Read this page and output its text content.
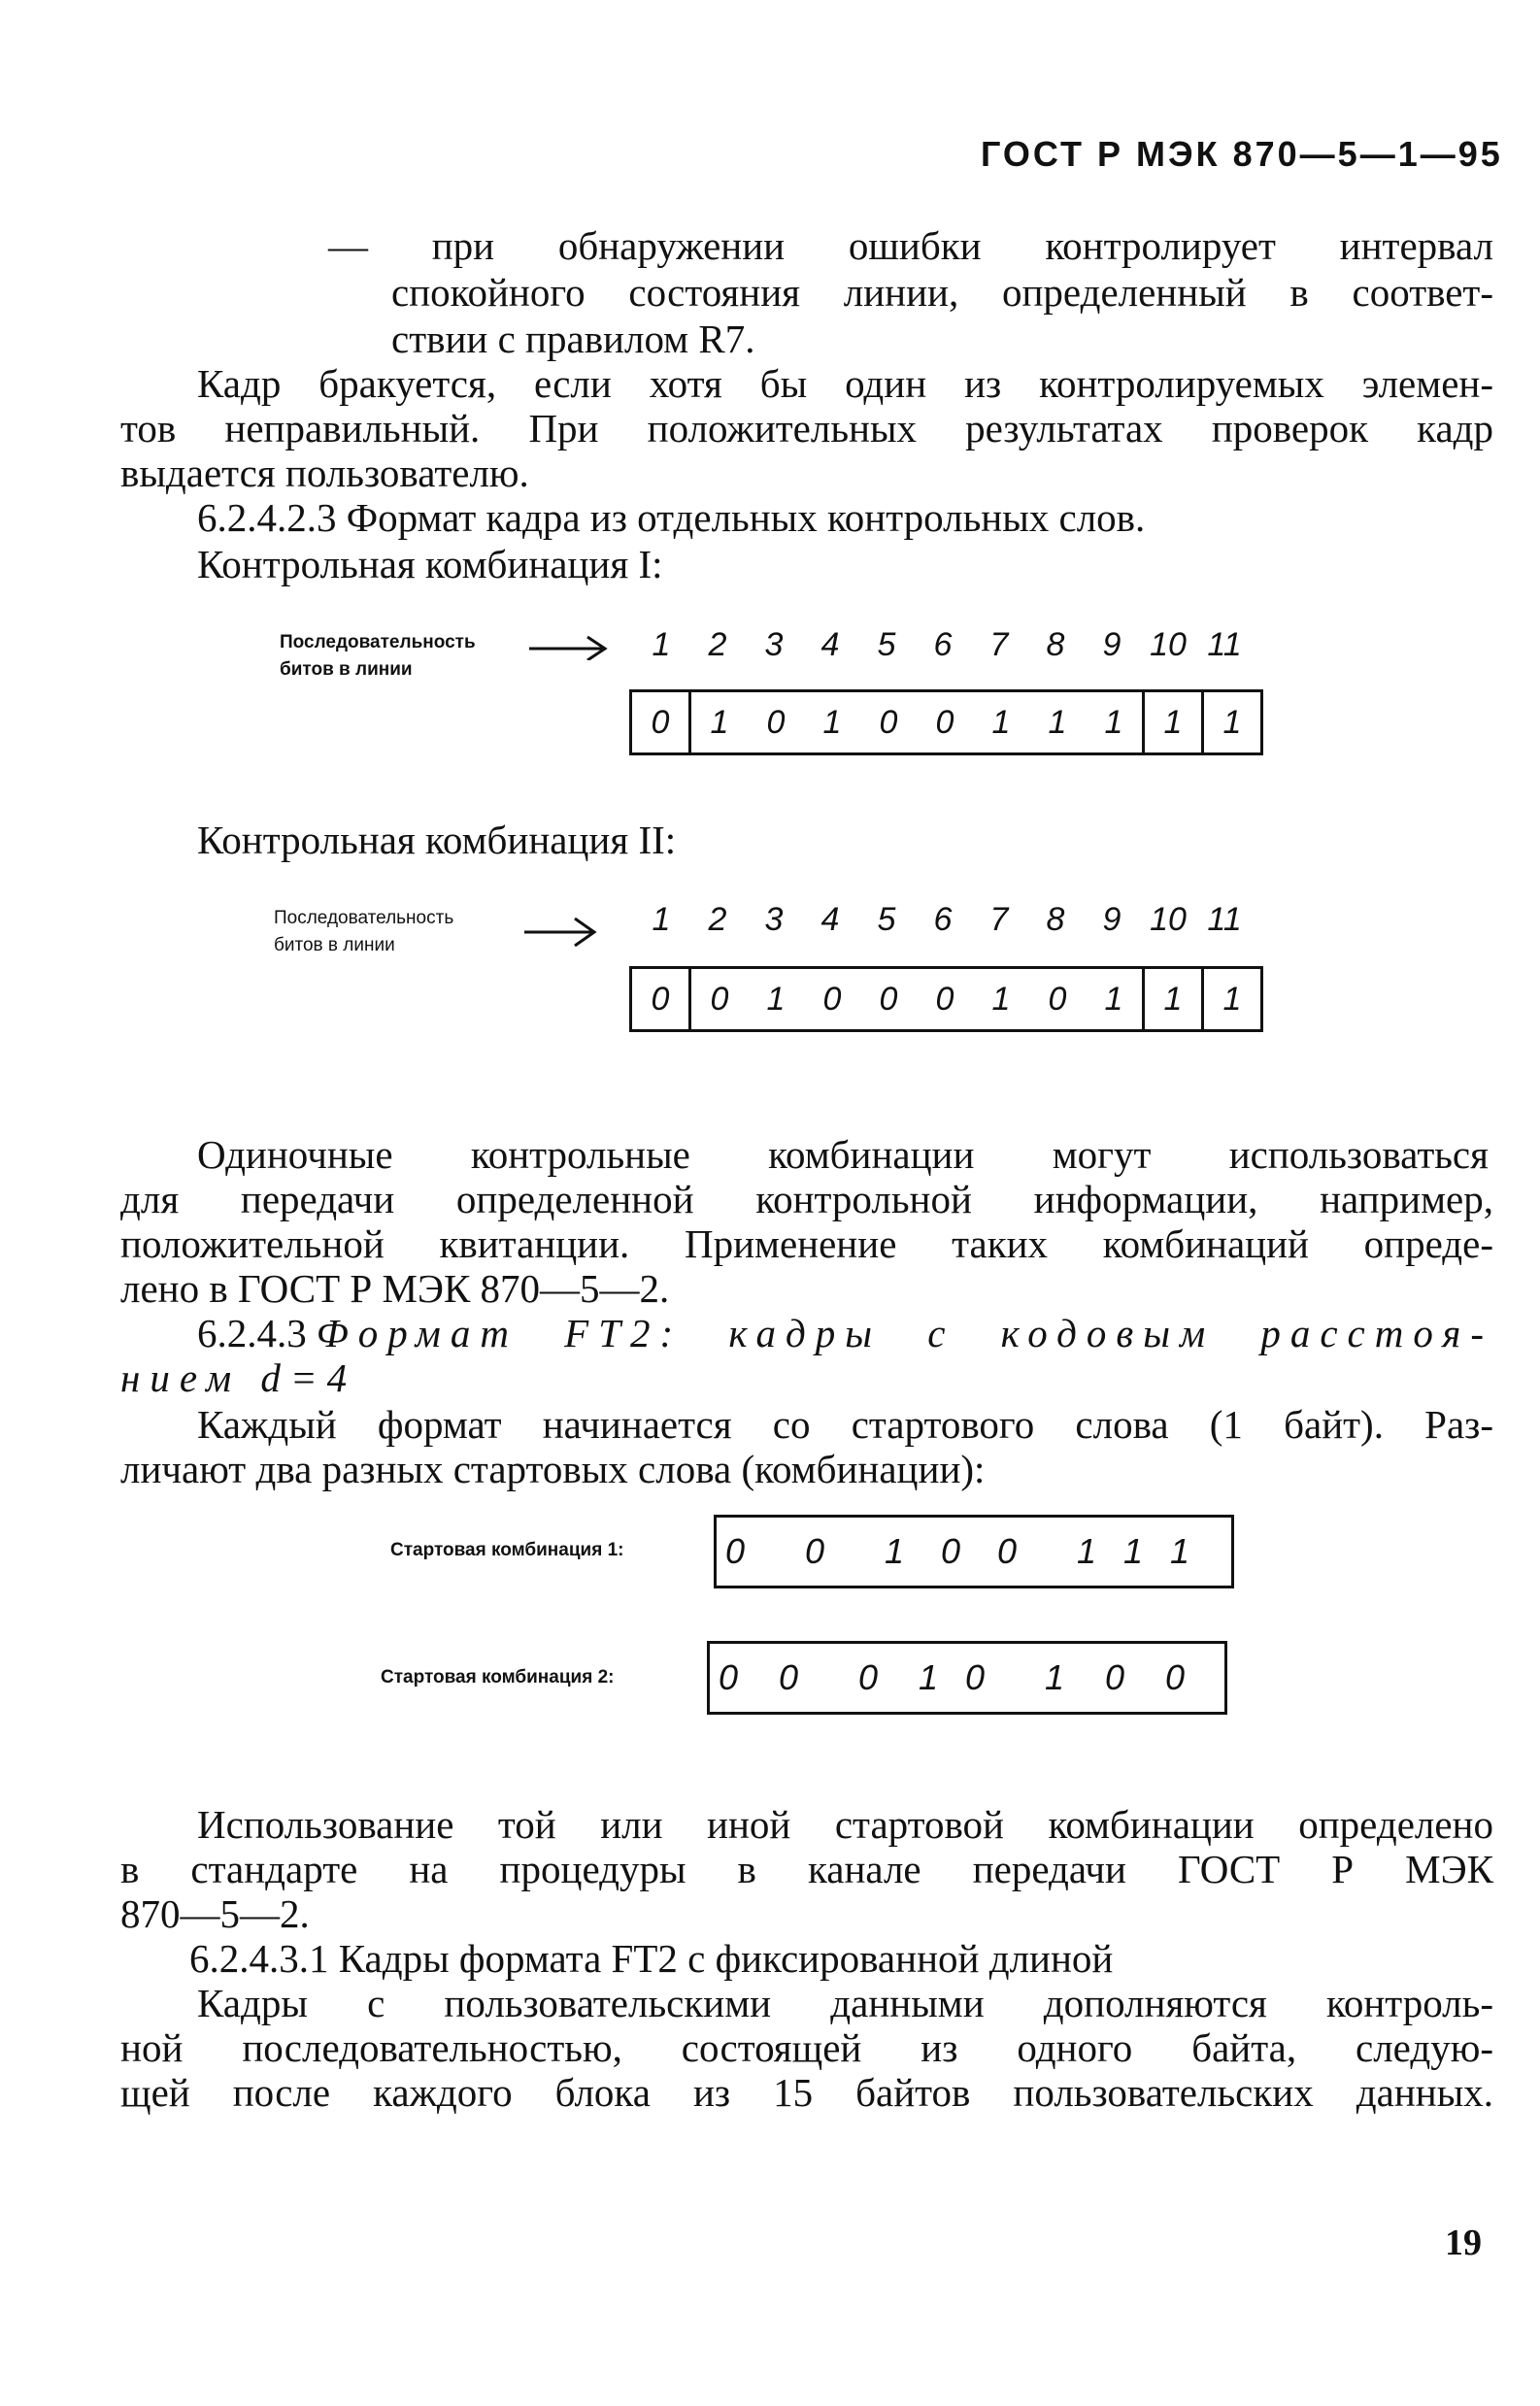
ГОСТ Р МЭК 870—5—1—95
— при обнаружении ошибки контролирует интервал
спокойного состояния линии, определенный в соответ-
ствии с правилом R7.
Кадр бракуется, если хотя бы один из контролируемых элемен-
тов неправильный. При положительных результатах проверок кадр
выдается пользователю.
6.2.4.2.3 Формат кадра из отдельных контрольных слов.
Контрольная комбинация I:
Последовательность
битов в линии
1	2	3	4	5	6	7	8	9 10 11
0	1	0	1	0	0	1	1	1	1	1
Контрольная комбинация II:
Последовательность
битов в линии
1	2	3	4	5	6	7	8	9 10 11
0	0	1	0	0	0	1	0	1	1	1
Одиночные контрольные комбинации могут использоваться
для передачи определенной контрольной информации, например,
положительной квитанции. Применение таких комбинаций опреде-
лено в ГОСТ Р МЭК 870—5—2.
6.2.4.3 Формат FT2: кадры с кодовым расстоя-
нием d=4
Каждый формат начинается со стартового слова (1 байт). Раз-
личают два разных стартовых слова (комбинации):
Стартовая комбинация 1:	0 0 1 0 0 1 1 1
Стартовая комбинация 2:	0 0 0 1 0 1 0 0
Использование той или иной стартовой комбинации определено
в стандарте на процедуры в канале передачи ГОСТ Р МЭК
870—5—2.
6.2.4.3.1 Кадры формата FT2 с фиксированной длиной
Кадры с пользовательскими данными дополняются контроль-
ной последовательностью, состоящей из одного байта, следую-
щей после каждого блока из 15 байтов пользовательских данных.
19
